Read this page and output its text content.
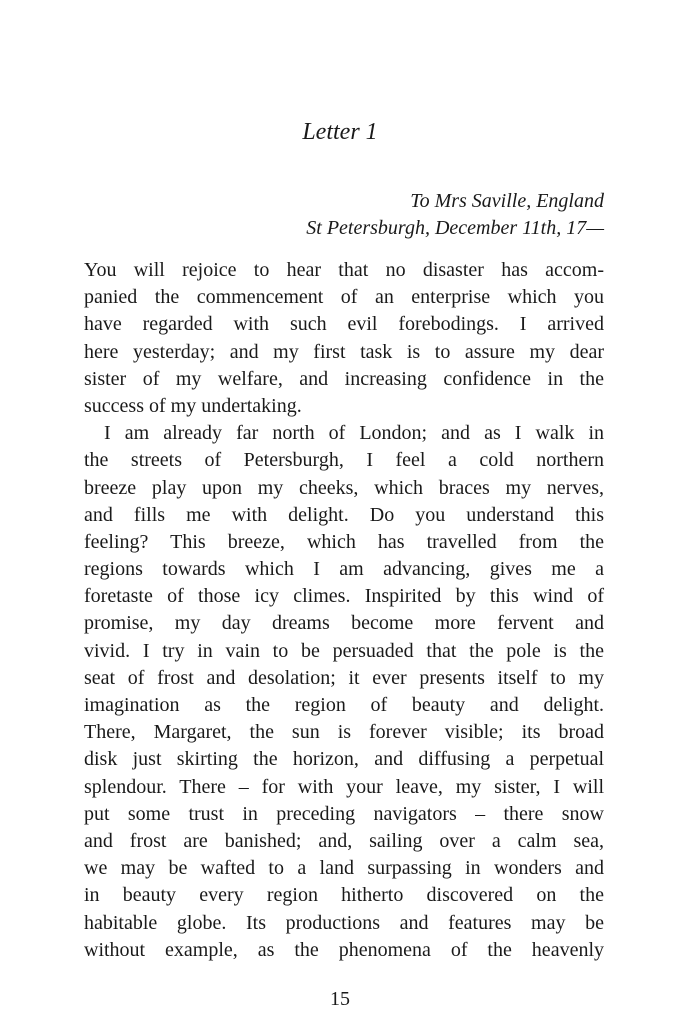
Letter 1
To Mrs Saville, England
St Petersburgh, December 11th, 17—
You will rejoice to hear that no disaster has accom-
panied the commencement of an enterprise which you
have regarded with such evil forebodings. I arrived
here yesterday; and my first task is to assure my dear
sister of my welfare, and increasing confidence in the
success of my undertaking.
I am already far north of London; and as I walk in
the streets of Petersburgh, I feel a cold northern
breeze play upon my cheeks, which braces my nerves,
and fills me with delight. Do you understand this
feeling? This breeze, which has travelled from the
regions towards which I am advancing, gives me a
foretaste of those icy climes. Inspirited by this wind of
promise, my day dreams become more fervent and
vivid. I try in vain to be persuaded that the pole is the
seat of frost and desolation; it ever presents itself to my
imagination as the region of beauty and delight.
There, Margaret, the sun is forever visible; its broad
disk just skirting the horizon, and diffusing a perpetual
splendour. There – for with your leave, my sister, I will
put some trust in preceding navigators – there snow
and frost are banished; and, sailing over a calm sea,
we may be wafted to a land surpassing in wonders and
in beauty every region hitherto discovered on the
habitable globe. Its productions and features may be
without example, as the phenomena of the heavenly
15
